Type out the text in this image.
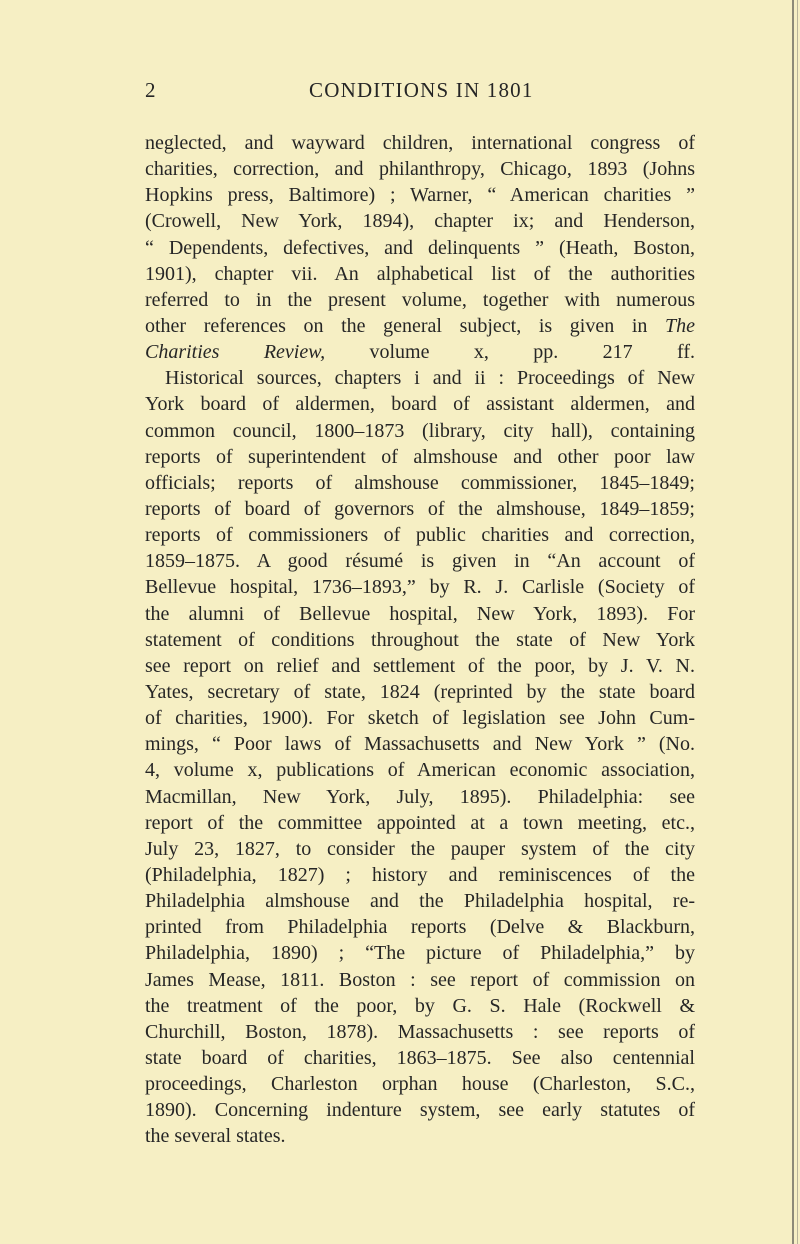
2	CONDITIONS IN 1801
neglected, and wayward children, international congress of
charities, correction, and philanthropy, Chicago, 1893 (Johns
Hopkins press, Baltimore) ; Warner, “ American charities ”
(Crowell, New York, 1894), chapter ix; and Henderson,
“ Dependents, defectives, and delinquents ” (Heath, Boston,
1901), chapter vii. An alphabetical list of the authorities
referred to in the present volume, together with numerous
other references on the general subject, is given in The
Charities Review, volume x, pp. 217 ff.
Historical sources, chapters i and ii : Proceedings of New
York board of aldermen, board of assistant aldermen, and
common council, 1800–1873 (library, city hall), containing
reports of superintendent of almshouse and other poor law
officials; reports of almshouse commissioner, 1845–1849;
reports of board of governors of the almshouse, 1849–1859;
reports of commissioners of public charities and correction,
1859–1875. A good résumé is given in “An account of
Bellevue hospital, 1736–1893,” by R. J. Carlisle (Society of
the alumni of Bellevue hospital, New York, 1893). For
statement of conditions throughout the state of New York
see report on relief and settlement of the poor, by J. V. N.
Yates, secretary of state, 1824 (reprinted by the state board
of charities, 1900). For sketch of legislation see John Cum-
mings, “ Poor laws of Massachusetts and New York ” (No.
4, volume x, publications of American economic association,
Macmillan, New York, July, 1895). Philadelphia: see
report of the committee appointed at a town meeting, etc.,
July 23, 1827, to consider the pauper system of the city
(Philadelphia, 1827) ; history and reminiscences of the
Philadelphia almshouse and the Philadelphia hospital, re-
printed from Philadelphia reports (Delve & Blackburn,
Philadelphia, 1890) ; “The picture of Philadelphia,” by
James Mease, 1811. Boston : see report of commission on
the treatment of the poor, by G. S. Hale (Rockwell &
Churchill, Boston, 1878). Massachusetts : see reports of
state board of charities, 1863–1875. See also centennial
proceedings, Charleston orphan house (Charleston, S.C.,
1890). Concerning indenture system, see early statutes of
the several states.
